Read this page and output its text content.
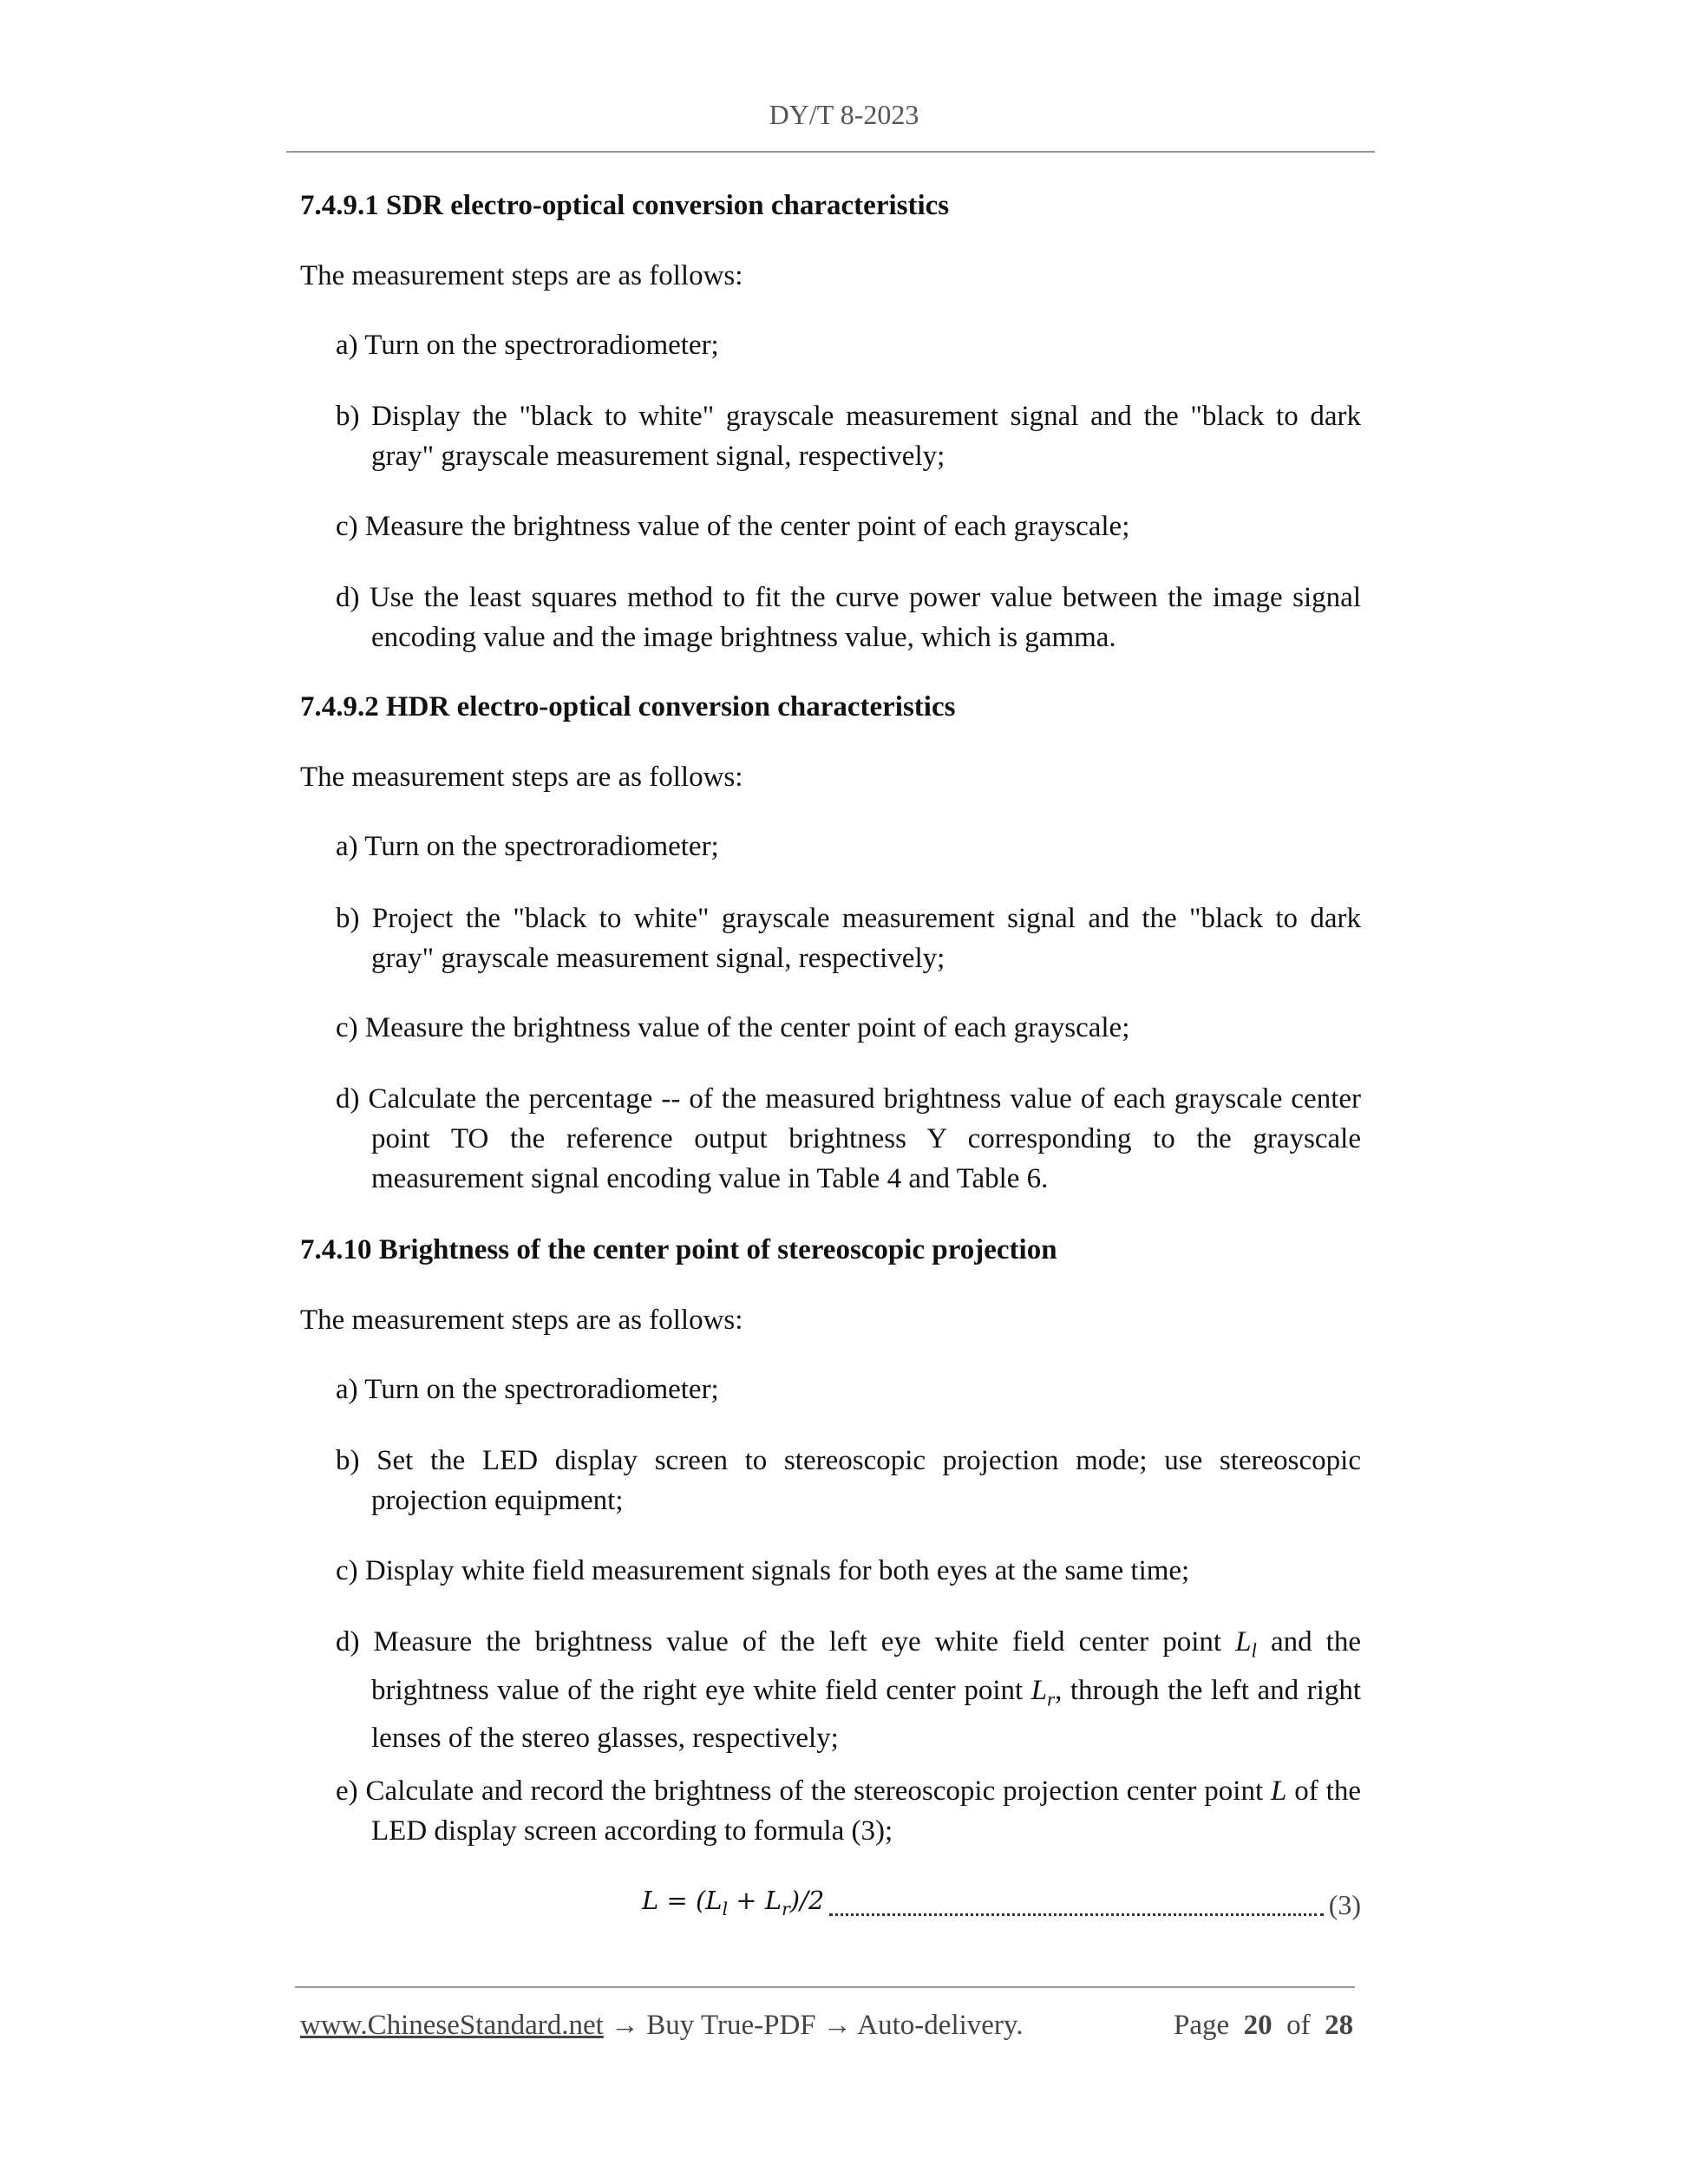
DY/T 8-2023
7.4.9.1 SDR electro-optical conversion characteristics
The measurement steps are as follows:
a) Turn on the spectroradiometer;
b) Display the "black to white" grayscale measurement signal and the "black to dark gray" grayscale measurement signal, respectively;
c) Measure the brightness value of the center point of each grayscale;
d) Use the least squares method to fit the curve power value between the image signal encoding value and the image brightness value, which is gamma.
7.4.9.2 HDR electro-optical conversion characteristics
The measurement steps are as follows:
a) Turn on the spectroradiometer;
b) Project the "black to white" grayscale measurement signal and the "black to dark gray" grayscale measurement signal, respectively;
c) Measure the brightness value of the center point of each grayscale;
d) Calculate the percentage -- of the measured brightness value of each grayscale center point TO the reference output brightness Y corresponding to the grayscale measurement signal encoding value in Table 4 and Table 6.
7.4.10 Brightness of the center point of stereoscopic projection
The measurement steps are as follows:
a) Turn on the spectroradiometer;
b) Set the LED display screen to stereoscopic projection mode; use stereoscopic projection equipment;
c) Display white field measurement signals for both eyes at the same time;
d) Measure the brightness value of the left eye white field center point $L_l$ and the brightness value of the right eye white field center point $L_r$, through the left and right lenses of the stereo glasses, respectively;
e) Calculate and record the brightness of the stereoscopic projection center point L of the LED display screen according to formula (3);
$L = (L_l + L_r)/2$	(3)
www.ChineseStandard.net → Buy True-PDF → Auto-delivery.	Page 20 of 28
